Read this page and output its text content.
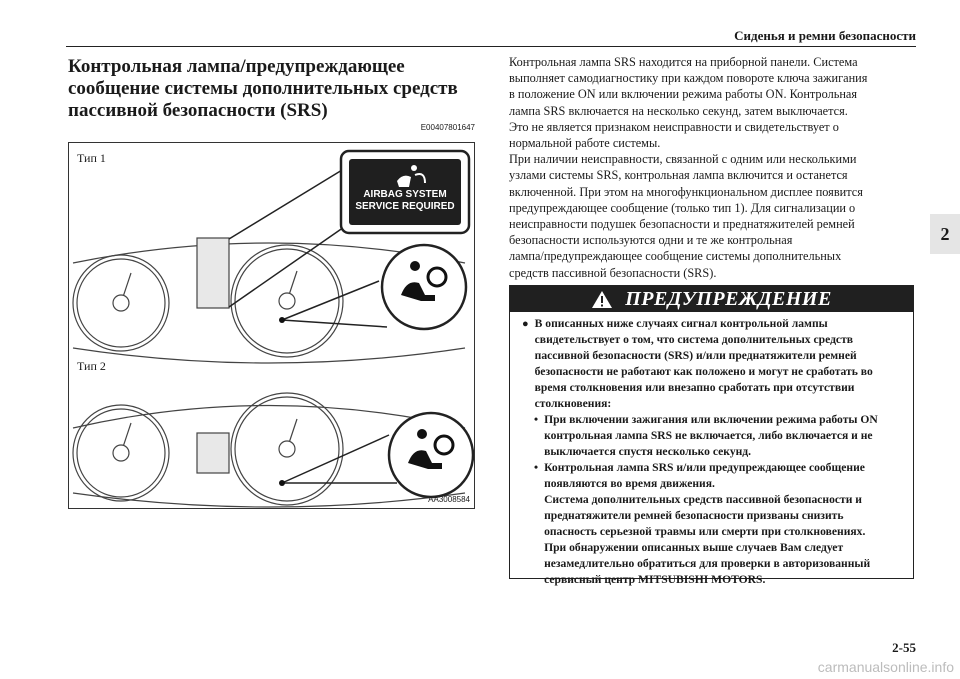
Сиденья и ремни безопасности
2
Контрольная лампа/предупреждающее
сообщение системы дополнительных средств
пассивной безопасности (SRS)
E00407801647
Тип 1
Тип 2
AIRBAG SYSTEM
SERVICE REQUIRED
AA3008584

Контрольная лампа SRS находится на приборной панели. Система

выполняет самодиагностику при каждом повороте ключа зажигания

в положение ON или включении режима работы ON. Контрольная

лампа SRS включается на несколько секунд, затем выключается.

Это не является признаком неисправности и свидетельствует о

нормальной работе системы.

При наличии неисправности, связанной с одним или несколькими

узлами системы SRS, контрольная лампа включится и останется

включенной. При этом на многофункциональном дисплее появится

предупреждающее сообщение (только тип 1). Для сигнализации о

неисправности подушек безопасности и преднатяжителей ремней

безопасности используются одни и те же контрольная

лампа/предупреждающее сообщение системы дополнительных

средств пассивной безопасности (SRS).

ПРЕДУПРЕЖДЕНИЕ
● В описанных ниже случаях сигнал контрольной лампы
свидетельствует о том, что система дополнительных средств
пассивной безопасности (SRS) и/или преднатяжители ремней
безопасности не работают как положено и могут не сработать во
время столкновения или внезапно сработать при отсутствии
столкновения:
• При включении зажигания или включении режима работы ON
контрольная лампа SRS не включается, либо включается и не
выключается спустя несколько секунд.
• Контрольная лампа SRS и/или предупреждающее сообщение
появляются во время движения.
Система дополнительных средств пассивной безопасности и
преднатяжители ремней безопасности призваны снизить
опасность серьезной травмы или смерти при столкновениях.
При обнаружении описанных выше случаев Вам следует
незамедлительно обратиться для проверки в авторизованный
сервисный центр MITSUBISHI MOTORS.
2-55
carmanualsonline.info
